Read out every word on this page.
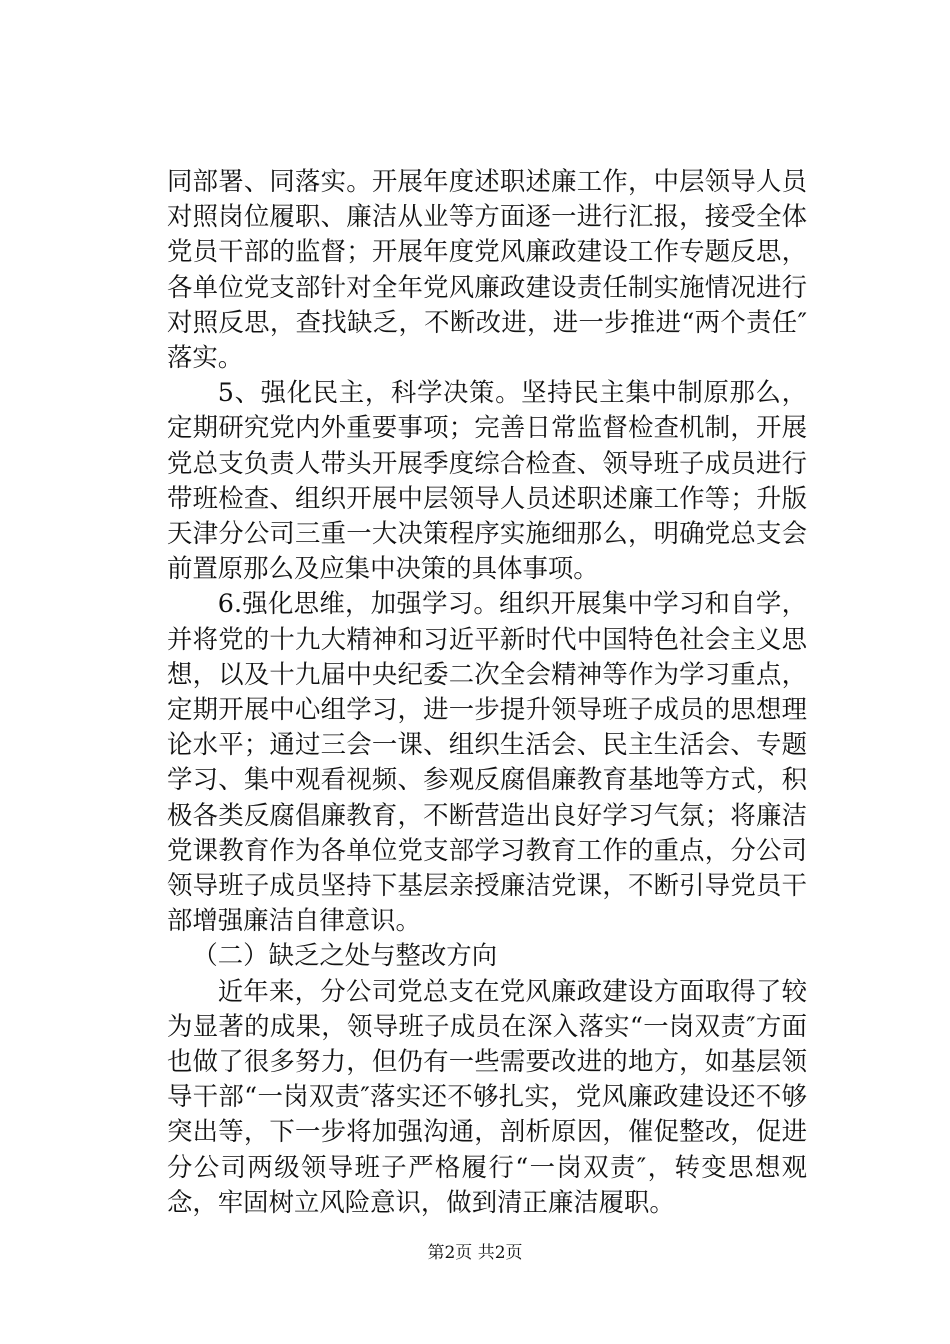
同部署、同落实。开展年度述职述廉工作，中层领导人员对照岗位履职、廉洁从业等方面逐一进行汇报，接受全体党员干部的监督；开展年度党风廉政建设工作专题反思，各单位党支部针对全年党风廉政建设责任制实施情况进行对照反思，查找缺乏，不断改进，进一步推进“两个责任″落实。

5、强化民主，科学决策。坚持民主集中制原那么，定期研究党内外重要事项；完善日常监督检查机制，开展党总支负责人带头开展季度综合检查、领导班子成员进行带班检查、组织开展中层领导人员述职述廉工作等；升版天津分公司三重一大决策程序实施细那么，明确党总支会前置原那么及应集中决策的具体事项。

6.强化思维，加强学习。组织开展集中学习和自学，并将党的十九大精神和习近平新时代中国特色社会主义思想，以及十九届中央纪委二次全会精神等作为学习重点，定期开展中心组学习，进一步提升领导班子成员的思想理论水平；通过三会一课、组织生活会、民主生活会、专题学习、集中观看视频、参观反腐倡廉教育基地等方式，积极各类反腐倡廉教育，不断营造出良好学习气氛；将廉洁党课教育作为各单位党支部学习教育工作的重点，分公司领导班子成员坚持下基层亲授廉洁党课，不断引导党员干部增强廉洁自律意识。

（二）缺乏之处与整改方向

近年来，分公司党总支在党风廉政建设方面取得了较为显著的成果，领导班子成员在深入落实“一岗双责″方面也做了很多努力，但仍有一些需要改进的地方，如基层领导干部“一岗双责″落实还不够扎实，党风廉政建设还不够突出等，下一步将加强沟通，剖析原因，催促整改，促进分公司两级领导班子严格履行“一岗双责″，转变思想观念，牢固树立风险意识，做到清正廉洁履职。

第2页 共2页
